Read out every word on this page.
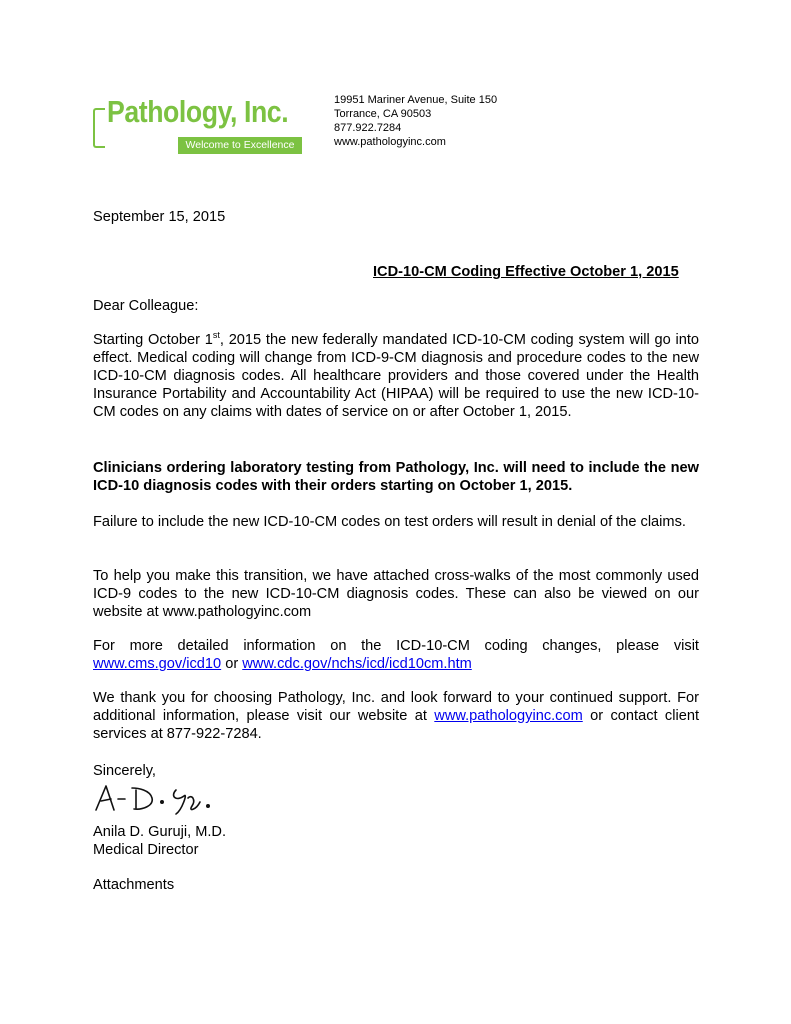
Pathology, Inc.
Welcome to Excellence
19951 Mariner Avenue, Suite 150
Torrance, CA 90503
877.922.7284
www.pathologyinc.com
September 15, 2015
ICD-10-CM Coding Effective October 1, 2015
Dear Colleague:
Starting October 1st, 2015 the new federally mandated ICD-10-CM coding system will go into effect. Medical coding will change from ICD-9-CM diagnosis and procedure codes to the new ICD-10-CM diagnosis codes. All healthcare providers and those covered under the Health Insurance Portability and Accountability Act (HIPAA) will be required to use the new ICD-10-CM codes on any claims with dates of service on or after October 1, 2015.
Clinicians ordering laboratory testing from Pathology, Inc. will need to include the new ICD-10 diagnosis codes with their orders starting on October 1, 2015.
Failure to include the new ICD-10-CM codes on test orders will result in denial of the claims.
To help you make this transition, we have attached cross-walks of the most commonly used ICD-9 codes to the new ICD-10-CM diagnosis codes. These can also be viewed on our website at www.pathologyinc.com
For more detailed information on the ICD-10-CM coding changes, please visit www.cms.gov/icd10 or www.cdc.gov/nchs/icd/icd10cm.htm
We thank you for choosing Pathology, Inc. and look forward to your continued support. For additional information, please visit our website at www.pathologyinc.com or contact client services at 877-922-7284.
Sincerely,
Anila D. Guruji, M.D.
Medical Director
Attachments
